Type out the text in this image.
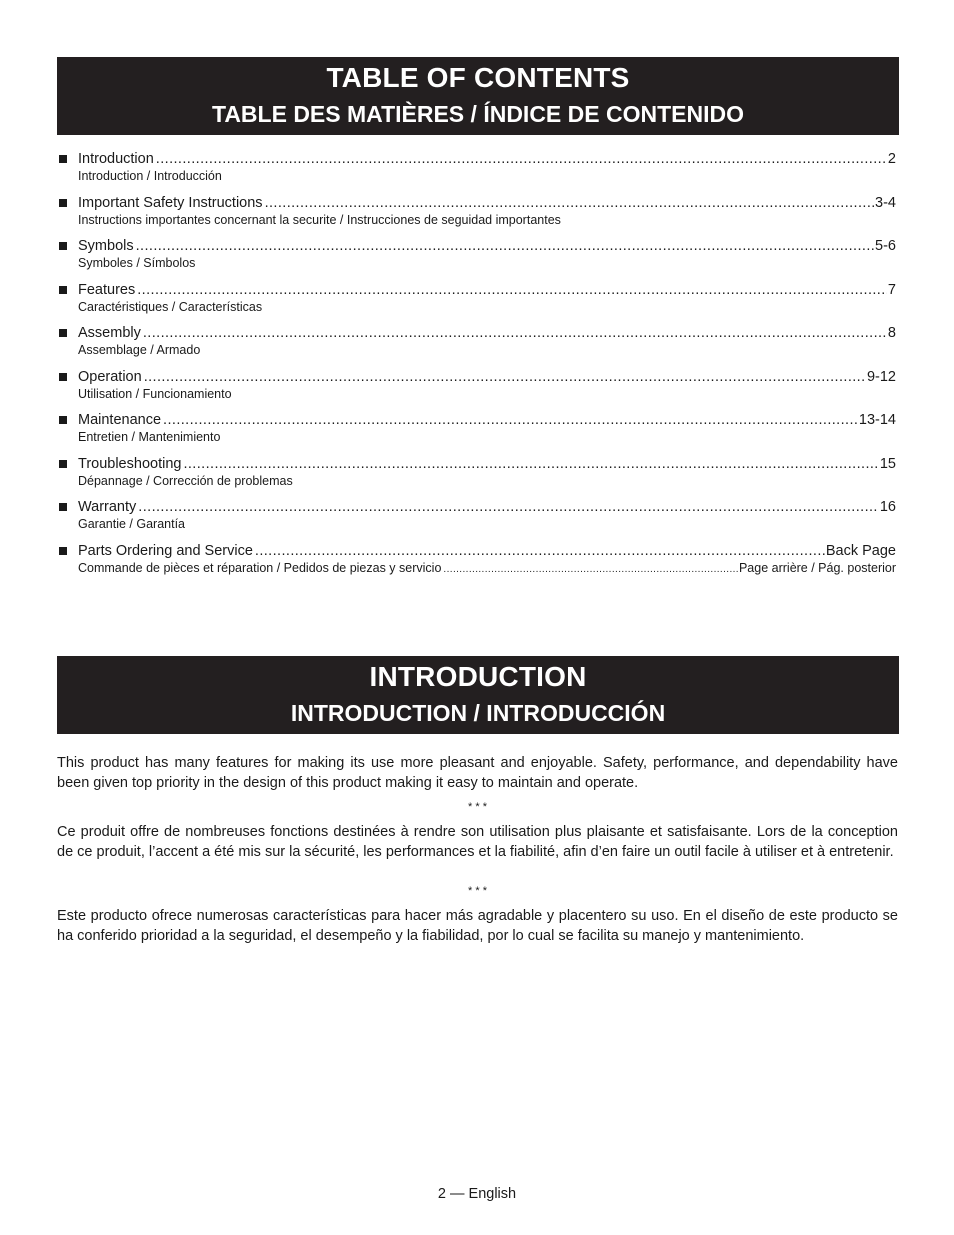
TABLE OF CONTENTS
TABLE DES MATIÈRES / ÍNDICE DE CONTENIDO
Introduction .....	2
Introduction / Introducción
Important Safety Instructions .....	3-4
Instructions importantes concernant la securite / Instrucciones de seguidad importantes
Symbols .....	5-6
Symboles / Símbolos
Features .....	7
Caractéristiques / Características
Assembly .....	8
Assemblage / Armado
Operation .....	9-12
Utilisation / Funcionamiento
Maintenance .....	13-14
Entretien / Mantenimiento
Troubleshooting .....	15
Dépannage / Corrección de problemas
Warranty .....	16
Garantie / Garantía
Parts Ordering and Service .....	Back Page
Commande de pièces et réparation / Pedidos de piezas y servicio .....	Page arrière / Pág. posterior
INTRODUCTION
INTRODUCTION / INTRODUCCIÓN

This product has many features for making its use more pleasant and enjoyable. Safety, performance, and dependability have been given top priority in the design of this product making it easy to maintain and operate.

* * *

Ce produit offre de nombreuses fonctions destinées à rendre son utilisation plus plaisante et satisfaisante. Lors de la conception de ce produit, l’accent a été mis sur la sécurité, les performances et la fiabilité, afin d’en faire un outil facile à utiliser et à entretenir.

* * *

Este producto ofrece numerosas características para hacer más agradable y placentero su uso. En el diseño de este producto se ha conferido prioridad a la seguridad, el desempeño y la fiabilidad, por lo cual se facilita su manejo y mantenimiento.

2 — English
